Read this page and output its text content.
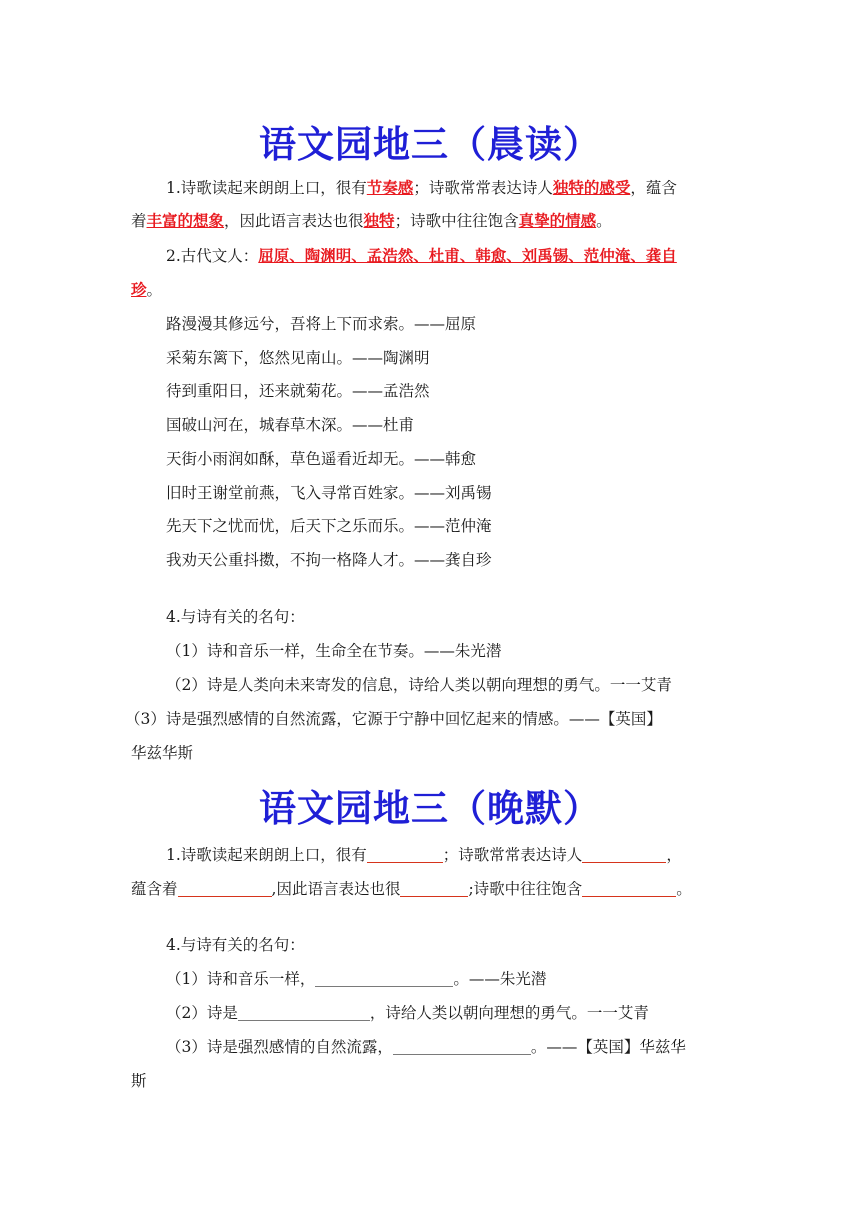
语文园地三（晨读）
1.诗歌读起来朗朗上口，很有节奏感；诗歌常常表达诗人独特的感受，蕴含
着丰富的想象，因此语言表达也很独特；诗歌中往往饱含真挚的情感。
2.古代文人：屈原、陶渊明、孟浩然、杜甫、韩愈、刘禹锡、范仲淹、龚自
珍。
路漫漫其修远兮，吾将上下而求索。——屈原
采菊东篱下，悠然见南山。——陶渊明
待到重阳日，还来就菊花。——孟浩然
国破山河在，城春草木深。——杜甫
天街小雨润如酥，草色遥看近却无。——韩愈
旧时王谢堂前燕，飞入寻常百姓家。——刘禹锡
先天下之忧而忧，后天下之乐而乐。——范仲淹
我劝天公重抖擞，不拘一格降人才。——龚自珍
4.与诗有关的名句：
（1）诗和音乐一样，生命全在节奏。——朱光潜
（2）诗是人类向未来寄发的信息，诗给人类以朝向理想的勇气。一一艾青
（3）诗是强烈感情的自然流露，它源于宁静中回忆起来的情感。——【英国】
华兹华斯
语文园地三（晚默）
1.诗歌读起来朗朗上口，很有	；诗歌常常表达诗人	，
蕴含着	,因此语言表达也很	;诗歌中往往饱含	。
4.与诗有关的名句：
（1）诗和音乐一样，	。——朱光潜
（2）诗是	，诗给人类以朝向理想的勇气。一一艾青
（3）诗是强烈感情的自然流露，	。——【英国】华兹华
斯
